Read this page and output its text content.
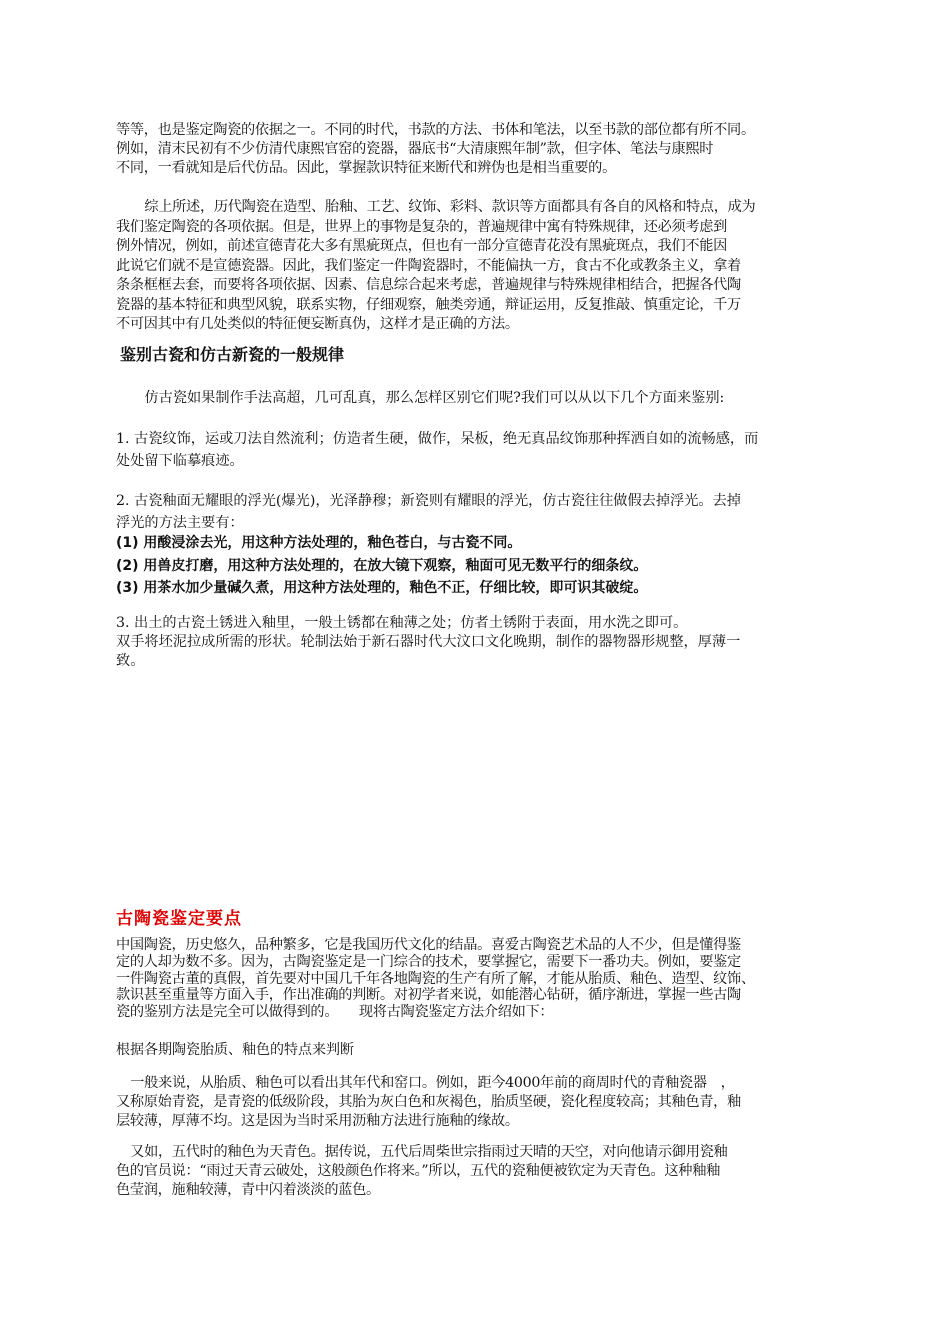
等等，也是鉴定陶瓷的依据之一。不同的时代，书款的方法、书体和笔法，以至书款的部位都有所不同。
例如，清末民初有不少仿清代康熙官窑的瓷器，器底书“大清康熙年制”款，但字体、笔法与康熙时
不同，一看就知是后代仿品。因此，掌握款识特征来断代和辨伪也是相当重要的。
综上所述，历代陶瓷在造型、胎釉、工艺、纹饰、彩料、款识等方面都具有各自的风格和特点，成为
我们鉴定陶瓷的各项依据。但是，世界上的事物是复杂的，普遍规律中寓有特殊规律，还必须考虑到
例外情况，例如，前述宣德青花大多有黑疵斑点，但也有一部分宣德青花没有黑疵斑点，我们不能因
此说它们就不是宣德瓷器。因此，我们鉴定一件陶瓷器时，不能偏执一方，食古不化或教条主义，拿着
条条框框去套，而要将各项依据、因素、信息综合起来考虑，普遍规律与特殊规律相结合，把握各代陶
瓷器的基本特征和典型风貌，联系实物，仔细观察，触类旁通，辩证运用，反复推敲、慎重定论，千万
不可因其中有几处类似的特征便妄断真伪，这样才是正确的方法。
鉴别古瓷和仿古新瓷的一般规律
仿古瓷如果制作手法高超，几可乱真，那么怎样区别它们呢?我们可以从以下几个方面来鉴别:
1. 古瓷纹饰，运或刀法自然流利；仿造者生硬，做作，呆板，绝无真品纹饰那种挥洒自如的流畅感，而
处处留下临摹痕迹。
2. 古瓷釉面无耀眼的浮光(爆光)，光泽静穆；新瓷则有耀眼的浮光，仿古瓷往往做假去掉浮光。去掉
浮光的方法主要有：
(1) 用酸浸涂去光，用这种方法处理的，釉色苍白，与古瓷不同。
(2) 用兽皮打磨，用这种方法处理的，在放大镜下观察，釉面可见无数平行的细条纹。
(3) 用茶水加少量碱久煮，用这种方法处理的，釉色不正，仔细比较，即可识其破绽。
3. 出土的古瓷土锈进入釉里，一般土锈都在釉薄之处；仿者土锈附于表面，用水洗之即可。
双手将坯泥拉成所需的形状。轮制法始于新石器时代大汶口文化晚期，制作的器物器形规整，厚薄一
致。
古陶瓷鉴定要点
中国陶瓷，历史悠久，品种繁多，它是我国历代文化的结晶。喜爱古陶瓷艺术品的人不少，但是懂得鉴
定的人却为数不多。因为，古陶瓷鉴定是一门综合的技术，要掌握它，需要下一番功夫。例如，要鉴定
一件陶瓷古董的真假，首先要对中国几千年各地陶瓷的生产有所了解，才能从胎质、釉色、造型、纹饰、
款识甚至重量等方面入手，作出准确的判断。对初学者来说，如能潜心钻研，循序渐进，掌握一些古陶
瓷的鉴别方法是完全可以做得到的。　　现将古陶瓷鉴定方法介绍如下：
根据各期陶瓷胎质、釉色的特点来判断
一般来说，从胎质、釉色可以看出其年代和窑口。例如，距今4000年前的商周时代的青釉瓷器　，
又称原始青瓷，是青瓷的低级阶段，其胎为灰白色和灰褐色，胎质坚硬，瓷化程度较高；其釉色青，釉
层较薄，厚薄不均。这是因为当时采用沥釉方法进行施釉的缘故。
又如，五代时的釉色为天青色。据传说，五代后周柴世宗指雨过天晴的天空，对向他请示御用瓷釉
色的官员说：“雨过天青云破处，这般颜色作将来。”所以，五代的瓷釉便被钦定为天青色。这种釉釉
色莹润，施釉较薄，青中闪着淡淡的蓝色。
